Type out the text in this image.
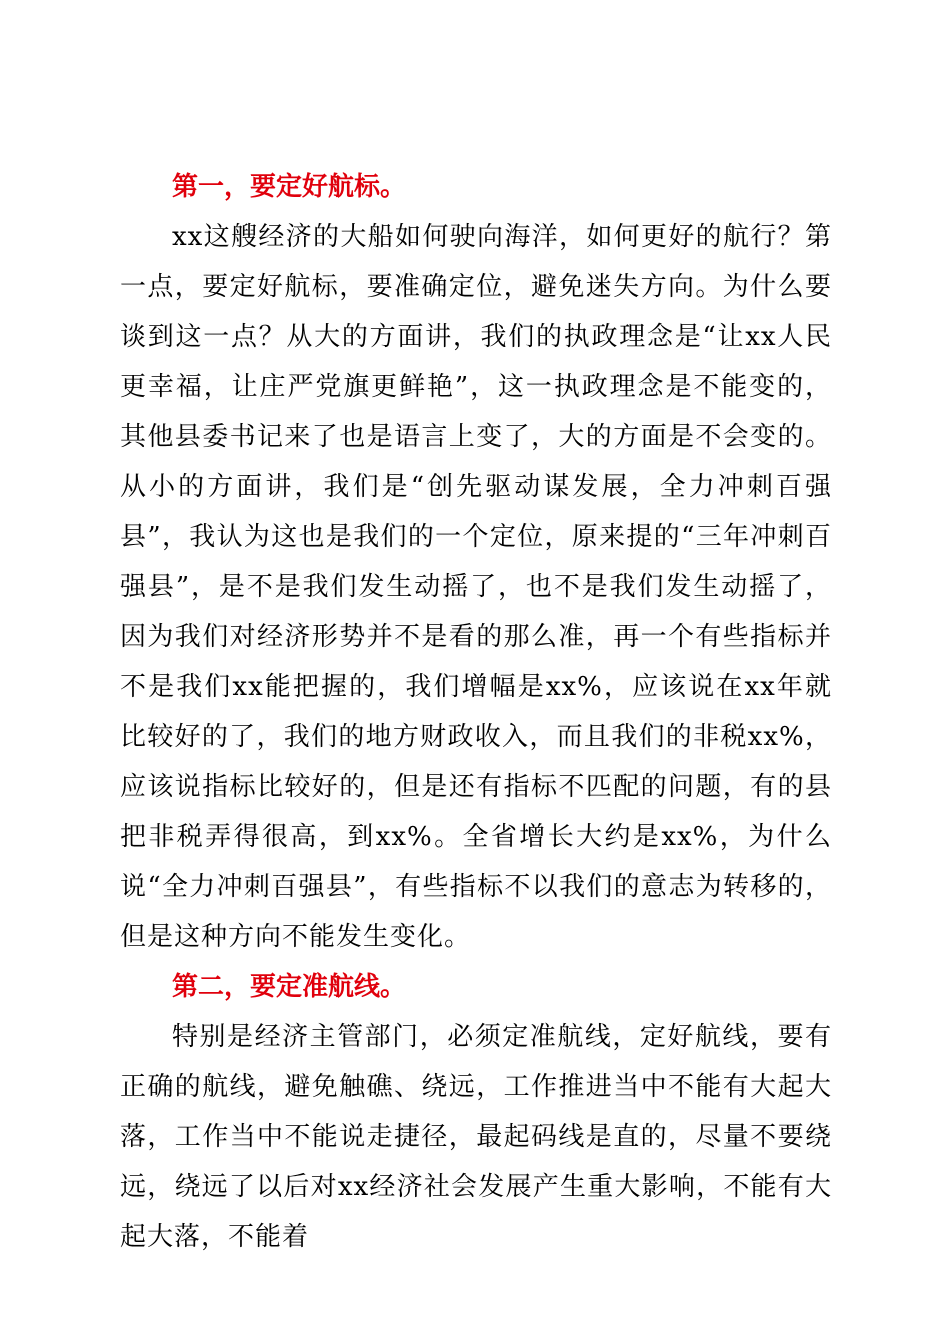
第一，要定好航标。

xx这艘经济的大船如何驶向海洋，如何更好的航行？第一点，要定好航标，要准确定位，避免迷失方向。为什么要谈到这一点？从大的方面讲，我们的执政理念是“让xx人民更幸福，让庄严党旗更鲜艳”，这一执政理念是不能变的，其他县委书记来了也是语言上变了，大的方面是不会变的。从小的方面讲，我们是“创先驱动谋发展，全力冲刺百强县”，我认为这也是我们的一个定位，原来提的“三年冲刺百强县”，是不是我们发生动摇了，也不是我们发生动摇了，因为我们对经济形势并不是看的那么准，再一个有些指标并不是我们xx能把握的，我们增幅是xx%，应该说在xx年就比较好的了，我们的地方财政收入，而且我们的非税xx%，应该说指标比较好的，但是还有指标不匹配的问题，有的县把非税弄得很高，到xx%。全省增长大约是xx%，为什么说“全力冲刺百强县”，有些指标不以我们的意志为转移的，但是这种方向不能发生变化。

第二，要定准航线。

特别是经济主管部门，必须定准航线，定好航线，要有正确的航线，避免触礁、绕远，工作推进当中不能有大起大落，工作当中不能说走捷径，最起码线是直的，尽量不要绕远，绕远了以后对xx经济社会发展产生重大影响，不能有大起大落，不能着
